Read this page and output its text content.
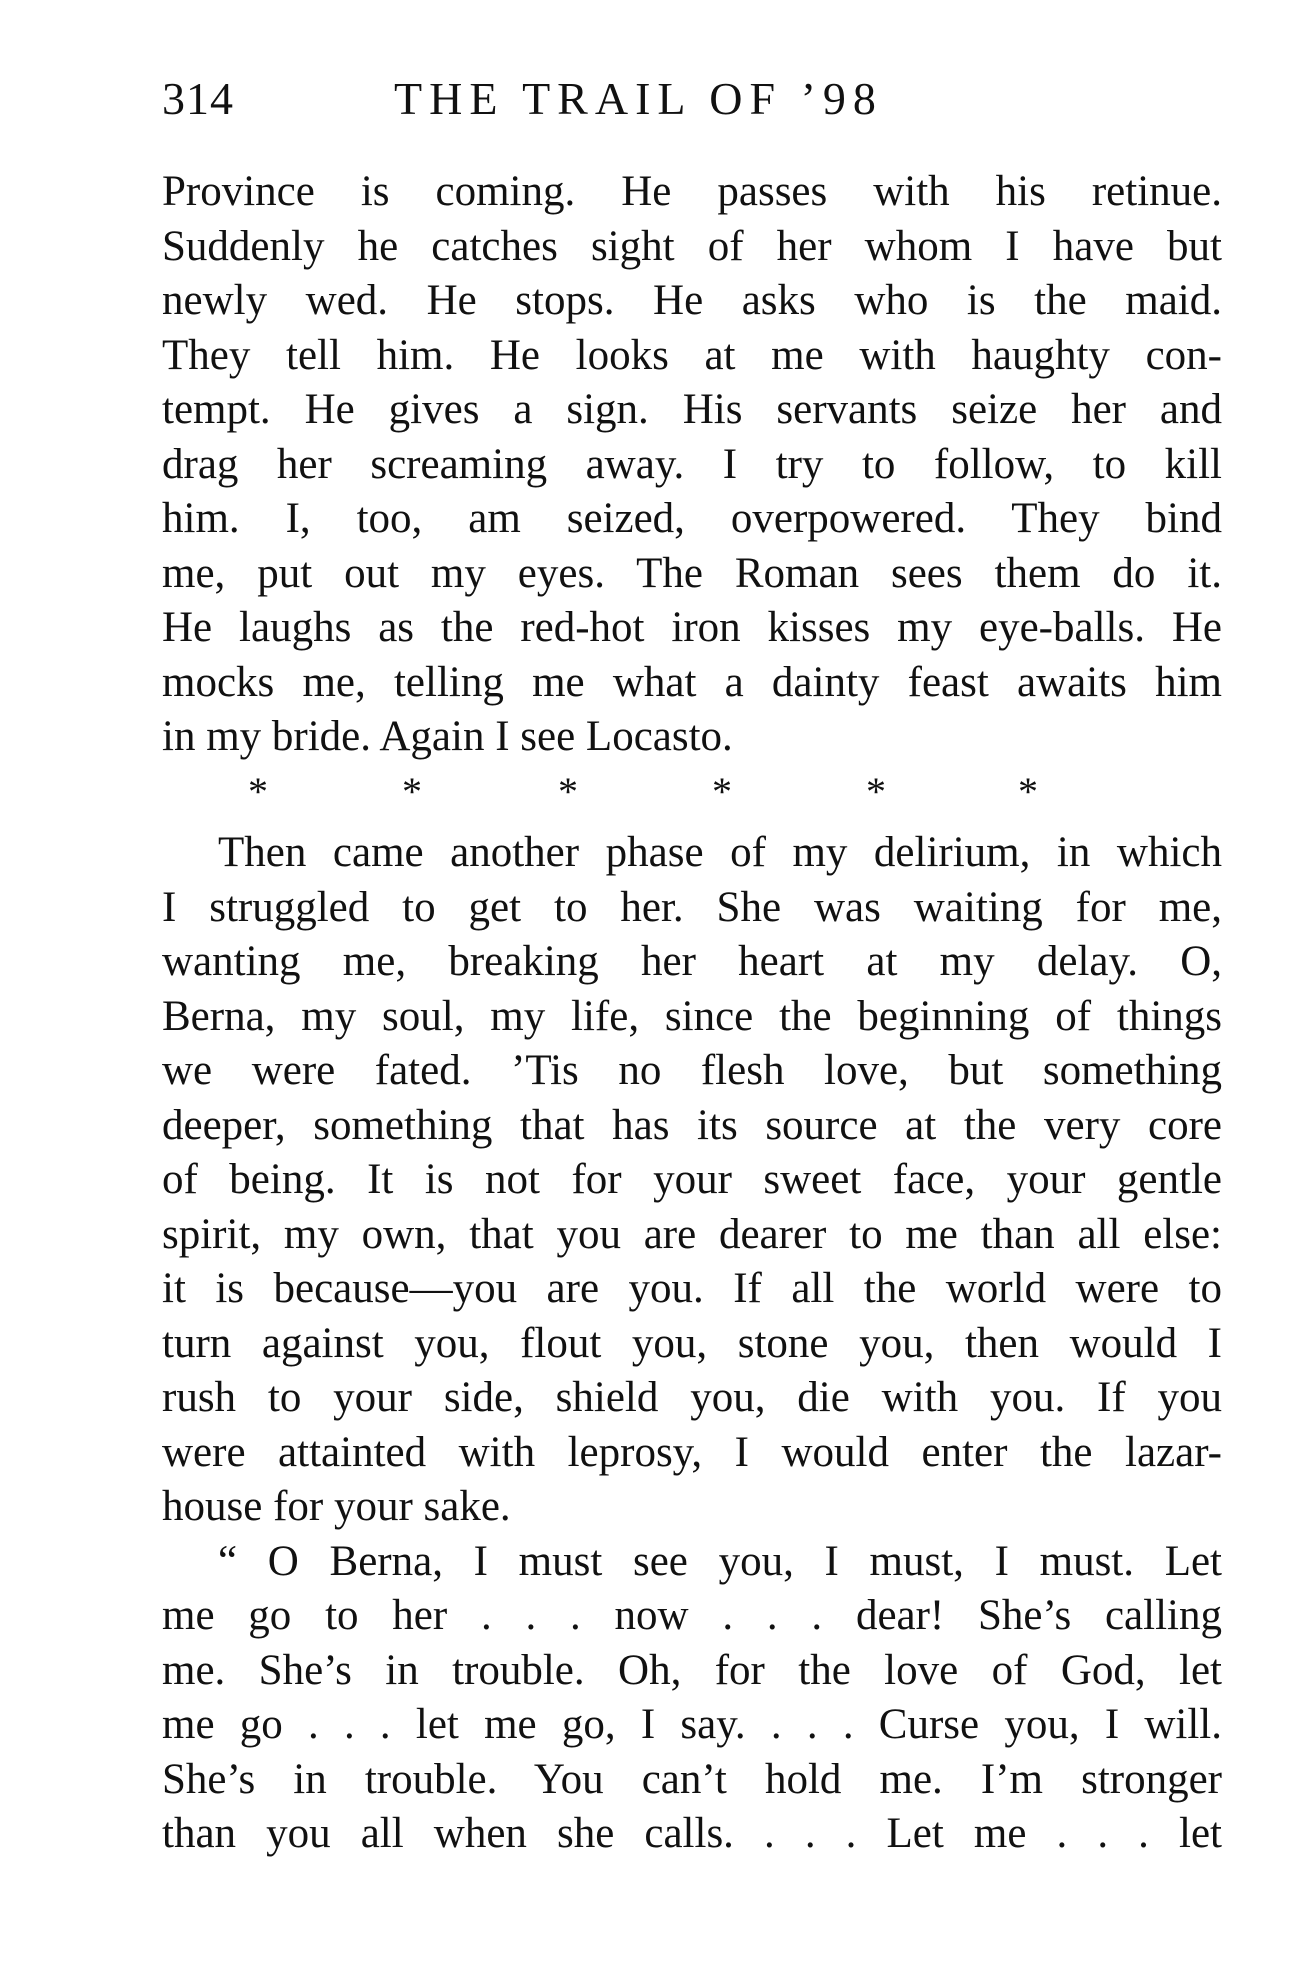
314	THE TRAIL OF ’98
Province is coming. He passes with his retinue.
Suddenly he catches sight of her whom I have but
newly wed. He stops. He asks who is the maid.
They tell him. He looks at me with haughty con-
tempt. He gives a sign. His servants seize her and
drag her screaming away. I try to follow, to kill
him. I, too, am seized, overpowered. They bind
me, put out my eyes. The Roman sees them do it.
He laughs as the red-hot iron kisses my eye-balls. He
mocks me, telling me what a dainty feast awaits him
in my bride. Again I see Locasto.
*	*	*	*	*	*
Then came another phase of my delirium, in which
I struggled to get to her. She was waiting for me,
wanting me, breaking her heart at my delay. O,
Berna, my soul, my life, since the beginning of things
we were fated. ’Tis no flesh love, but something
deeper, something that has its source at the very core
of being. It is not for your sweet face, your gentle
spirit, my own, that you are dearer to me than all else:
it is because—you are you. If all the world were to
turn against you, flout you, stone you, then would I
rush to your side, shield you, die with you. If you
were attainted with leprosy, I would enter the lazar-
house for your sake.
“ O Berna, I must see you, I must, I must. Let
me go to her . . . now . . . dear! She’s calling
me. She’s in trouble. Oh, for the love of God, let
me go . . . let me go, I say. . . . Curse you, I will.
She’s in trouble. You can’t hold me. I’m stronger
than you all when she calls. . . . Let me . . . let
